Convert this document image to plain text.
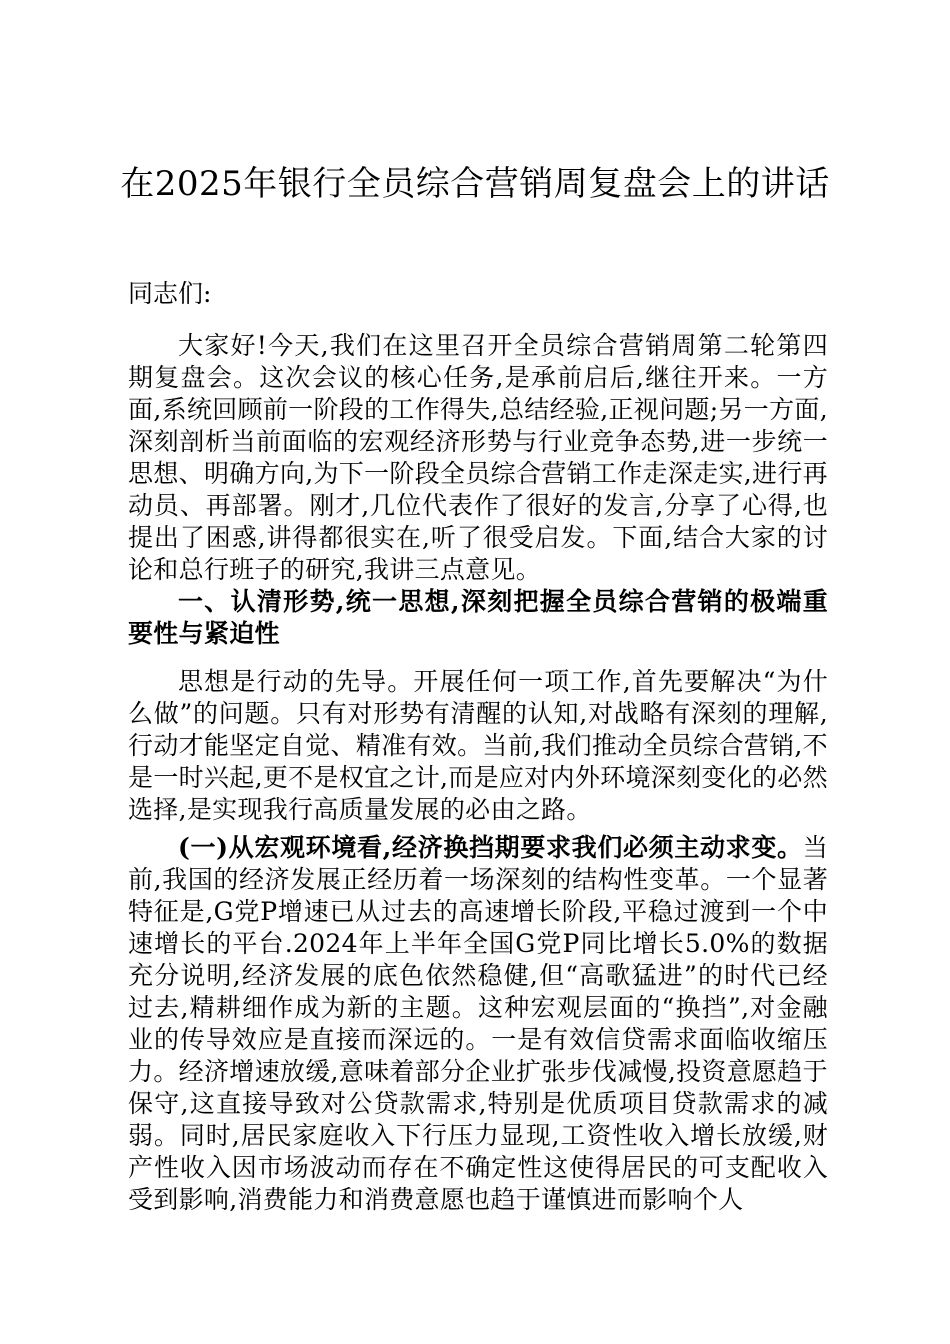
在2025年银行全员综合营销周复盘会上的讲话

同志们:

大家好!今天,我们在这里召开全员综合营销周第二轮第四期复盘会。这次会议的核心任务,是承前启后,继往开来。一方面,系统回顾前一阶段的工作得失,总结经验,正视问题;另一方面,深刻剖析当前面临的宏观经济形势与行业竞争态势,进一步统一思想、明确方向,为下一阶段全员综合营销工作走深走实,进行再动员、再部署。刚才,几位代表作了很好的发言,分享了心得,也提出了困惑,讲得都很实在,听了很受启发。下面,结合大家的讨论和总行班子的研究,我讲三点意见。

一、认清形势,统一思想,深刻把握全员综合营销的极端重要性与紧迫性

思想是行动的先导。开展任何一项工作,首先要解决“为什么做”的问题。只有对形势有清醒的认知,对战略有深刻的理解,行动才能坚定自觉、精准有效。当前,我们推动全员综合营销,不是一时兴起,更不是权宜之计,而是应对内外环境深刻变化的必然选择,是实现我行高质量发展的必由之路。

(一)从宏观环境看,经济换挡期要求我们必须主动求变。当前,我国的经济发展正经历着一场深刻的结构性变革。一个显著特征是,G党P增速已从过去的高速增长阶段,平稳过渡到一个中速增长的平台.2024年上半年全国G党P同比增长5.0%的数据充分说明,经济发展的底色依然稳健,但“高歌猛进”的时代已经过去,精耕细作成为新的主题。这种宏观层面的“换挡”,对金融业的传导效应是直接而深远的。一是有效信贷需求面临收缩压力。经济增速放缓,意味着部分企业扩张步伐减慢,投资意愿趋于保守,这直接导致对公贷款需求,特别是优质项目贷款需求的减弱。同时,居民家庭收入下行压力显现,工资性收入增长放缓,财产性收入因市场波动而存在不确定性这使得居民的可支配收入受到影响,消费能力和消费意愿也趋于谨慎进而影响个人
